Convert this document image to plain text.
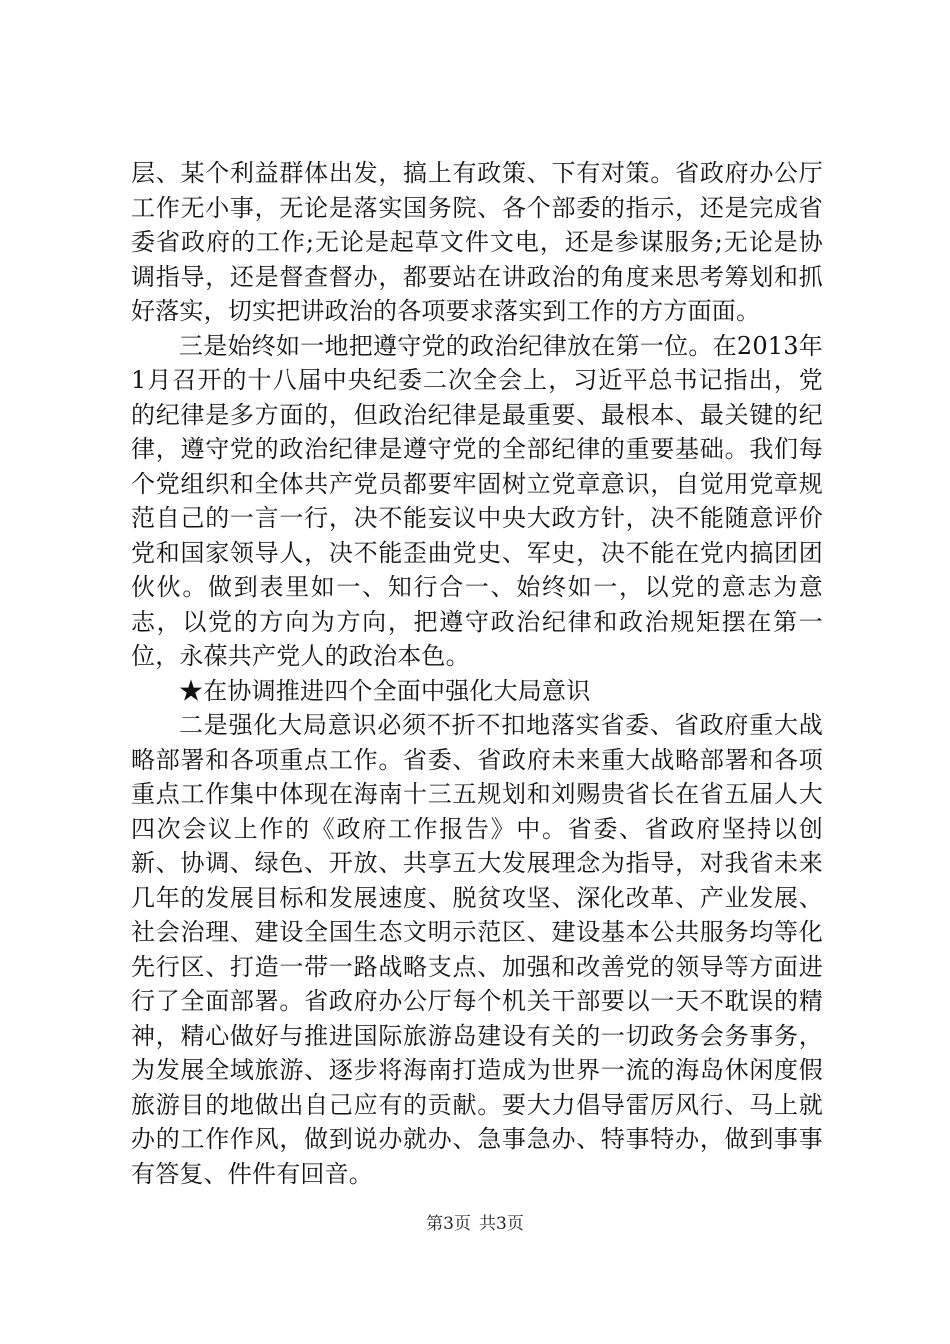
层、某个利益群体出发，搞上有政策、下有对策。省政府办公厅工作无小事，无论是落实国务院、各个部委的指示，还是完成省委省政府的工作;无论是起草文件文电，还是参谋服务;无论是协调指导，还是督查督办，都要站在讲政治的角度来思考筹划和抓好落实，切实把讲政治的各项要求落实到工作的方方面面。

三是始终如一地把遵守党的政治纪律放在第一位。在2013年1月召开的十八届中央纪委二次全会上，习近平总书记指出，党的纪律是多方面的，但政治纪律是最重要、最根本、最关键的纪律，遵守党的政治纪律是遵守党的全部纪律的重要基础。我们每个党组织和全体共产党员都要牢固树立党章意识，自觉用党章规范自己的一言一行，决不能妄议中央大政方针，决不能随意评价党和国家领导人，决不能歪曲党史、军史，决不能在党内搞团团伙伙。做到表里如一、知行合一、始终如一，以党的意志为意志，以党的方向为方向，把遵守政治纪律和政治规矩摆在第一位，永葆共产党人的政治本色。

★在协调推进四个全面中强化大局意识

二是强化大局意识必须不折不扣地落实省委、省政府重大战略部署和各项重点工作。省委、省政府未来重大战略部署和各项重点工作集中体现在海南十三五规划和刘赐贵省长在省五届人大四次会议上作的《政府工作报告》中。省委、省政府坚持以创新、协调、绿色、开放、共享五大发展理念为指导，对我省未来几年的发展目标和发展速度、脱贫攻坚、深化改革、产业发展、社会治理、建设全国生态文明示范区、建设基本公共服务均等化先行区、打造一带一路战略支点、加强和改善党的领导等方面进行了全面部署。省政府办公厅每个机关干部要以一天不耽误的精神，精心做好与推进国际旅游岛建设有关的一切政务会务事务，为发展全域旅游、逐步将海南打造成为世界一流的海岛休闲度假旅游目的地做出自己应有的贡献。要大力倡导雷厉风行、马上就办的工作作风，做到说办就办、急事急办、特事特办，做到事事有答复、件件有回音。

第3页 共3页
